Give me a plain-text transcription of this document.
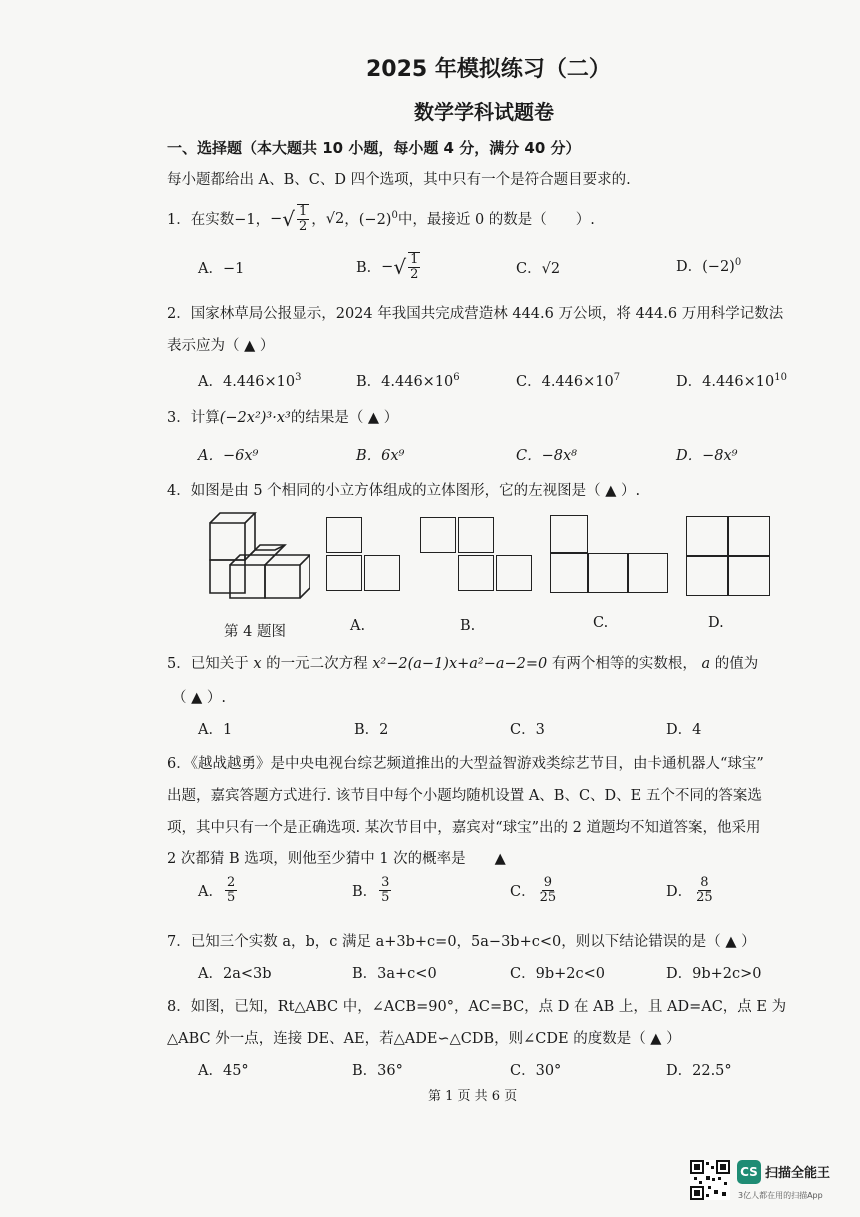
2025 年模拟练习（二）
数学学科试题卷
一、选择题（本大题共 10 小题，每小题 4 分，满分 40 分）
每小题都给出 A、B、C、D 四个选项，其中只有一个是符合题目要求的.
1．在实数−1， − √ $\frac{1}{2}$ ， √2 ， $(-2)^0$ 中，最接近 0 的数是（　　）.
A．−1	B． − √ $\frac{1}{2}$	C．√2	D．$(-2)^0$
2．国家林草局公报显示，2024 年我国共完成营造林 444.6 万公顷，将 444.6 万用科学记数法
表示应为（ ▲ ）
A．$4.446\times 10^3$	B．$4.446\times 10^6$	C．$4.446\times 10^7$	D．$4.446\times 10^{10}$
3．计算(−2x²)³·x³的结果是（ ▲ ）
A．−6x⁹	B．6x⁹	C．−8x⁸	D．−8x⁹
4．如图是由 5 个相同的小立方体组成的立体图形，它的左视图是（ ▲ ）.
第 4 题图	A.	B.	C.	D.
5．已知关于 x 的一元二次方程 x²−2(a−1)x+a²−a−2=0 有两个相等的实数根， a 的值为
（ ▲ ）.
A．1	B．2	C．3	D．4
6．《越战越勇》是中央电视台综艺频道推出的大型益智游戏类综艺节目，由卡通机器人“球宝”
出题，嘉宾答题方式进行. 该节目中每个小题均随机设置 A、B、C、D、E 五个不同的答案选
项，其中只有一个是正确选项. 某次节目中，嘉宾对“球宝”出的 2 道题均不知道答案，他采用
2 次都猜 B 选项，则他至少猜中 1 次的概率是　　▲
A． $\frac{2}{5}$	B． $\frac{3}{5}$	C． $\frac{9}{25}$	D． $\frac{8}{25}$
7．已知三个实数 a，b，c 满足 a+3b+c=0，5a−3b+c<0，则以下结论错误的是（ ▲ ）
A．2a<3b	B．3a+c<0	C．9b+2c<0	D．9b+2c>0
8．如图，已知，Rt△ABC 中，∠ACB=90°，AC=BC，点 D 在 AB 上，且 AD=AC，点 E 为
△ABC 外一点，连接 DE、AE，若△ADE∽△CDB，则∠CDE 的度数是（ ▲ ）
A．45°	B．36°	C．30°	D．22.5°
第 1 页 共 6 页
CS 扫描全能王
3亿人都在用的扫描App
